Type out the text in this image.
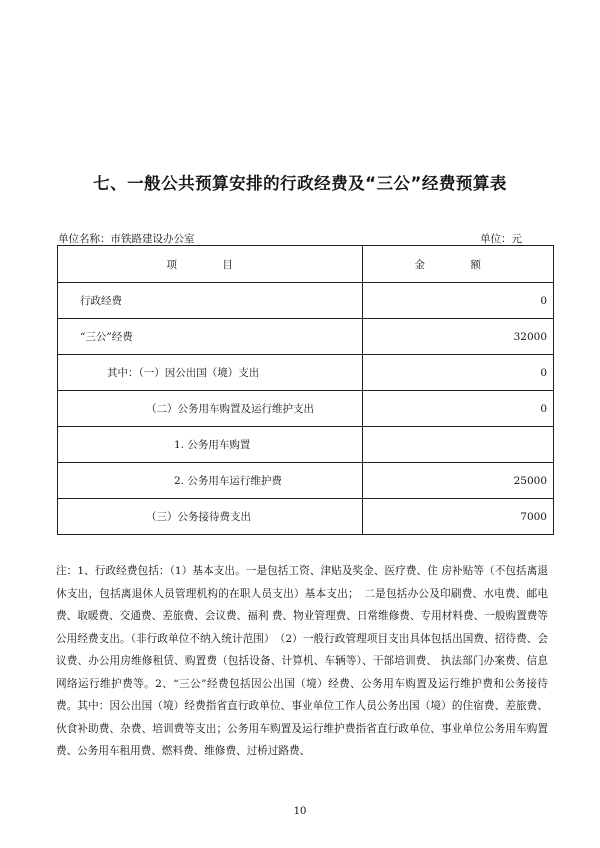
七、一般公共预算安排的行政经费及“三公”经费预算表
单位名称：市铁路建设办公室	单位：元
项 目	金 额
行政经费	0
“三公”经费	32000
其中：（一）因公出国（境）支出	0
（二）公务用车购置及运行维护支出	0
1. 公务用车购置	
2. 公务用车运行维护费	25000
（三）公务接待费支出	7000

注：1、行政经费包括：（1）基本支出。一是包括工资、津贴及奖金、医疗费、住 房补贴等（不包括离退休支出，包括离退休人员管理机构的在职人员支出）基本支出；　二是包括办公及印刷费、水电费、邮电费、取暖费、交通费、差旅费、会议费、福利 费、物业管理费、日常维修费、专用材料费、一般购置费等公用经费支出。（非行政单位不纳入统计范围）　（2）一般行政管理项目支出具体包括出国费、招待费、会议费、办公用房维修租赁、购置费（包括设备、计算机、车辆等）、干部培训费、 执法部门办案费、信息网络运行维护费等。2、“三公”经费包括因公出国（境）经费、公务用车购置及运行维护费和公务接待费。其中：因公出国（境）经费指省直行政单位、事业单位工作人员公务出国（境）的住宿费、差旅费、伙食补助费、杂费、培训费等支出；公务用车购置及运行维护费指省直行政单位、事业单位公务用车购置费、公务用车租用费、燃料费、维修费、过桥过路费、

10
